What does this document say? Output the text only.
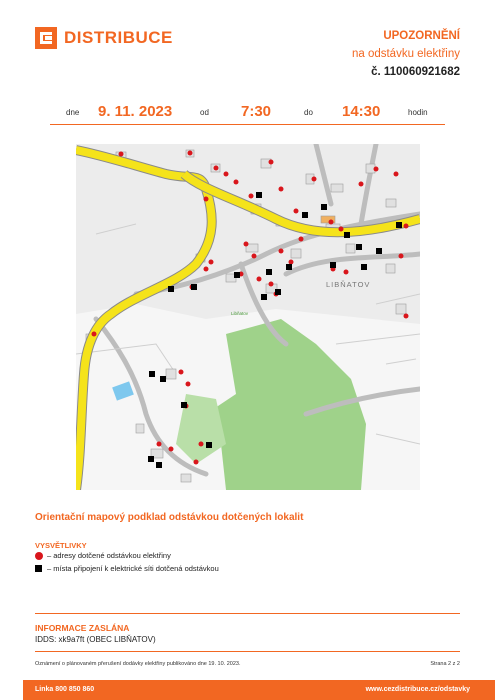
DISTRIBUCE	UPOZORNĚNÍ
na odstávku elektřiny
č. 110060921682
dne 9. 11. 2023	od 7:30	do 14:30	hodin
LIBŇATOV
Libňatov
Orientační mapový podklad odstávkou dotčených lokalit
VYSVĚTLIVKY
– adresy dotčené odstávkou elektřiny
– místa připojení k elektrické síti dotčená odstávkou
INFORMACE ZASLÁNA
IDDS: xk9a7ft (OBEC LIBŇATOV)
Oznámení o plánovaném přerušení dodávky elektřiny publikováno dne 19. 10. 2023.	Strana 2 z 2
Linka 800 850 860	www.cezdistribuce.cz/odstavky
